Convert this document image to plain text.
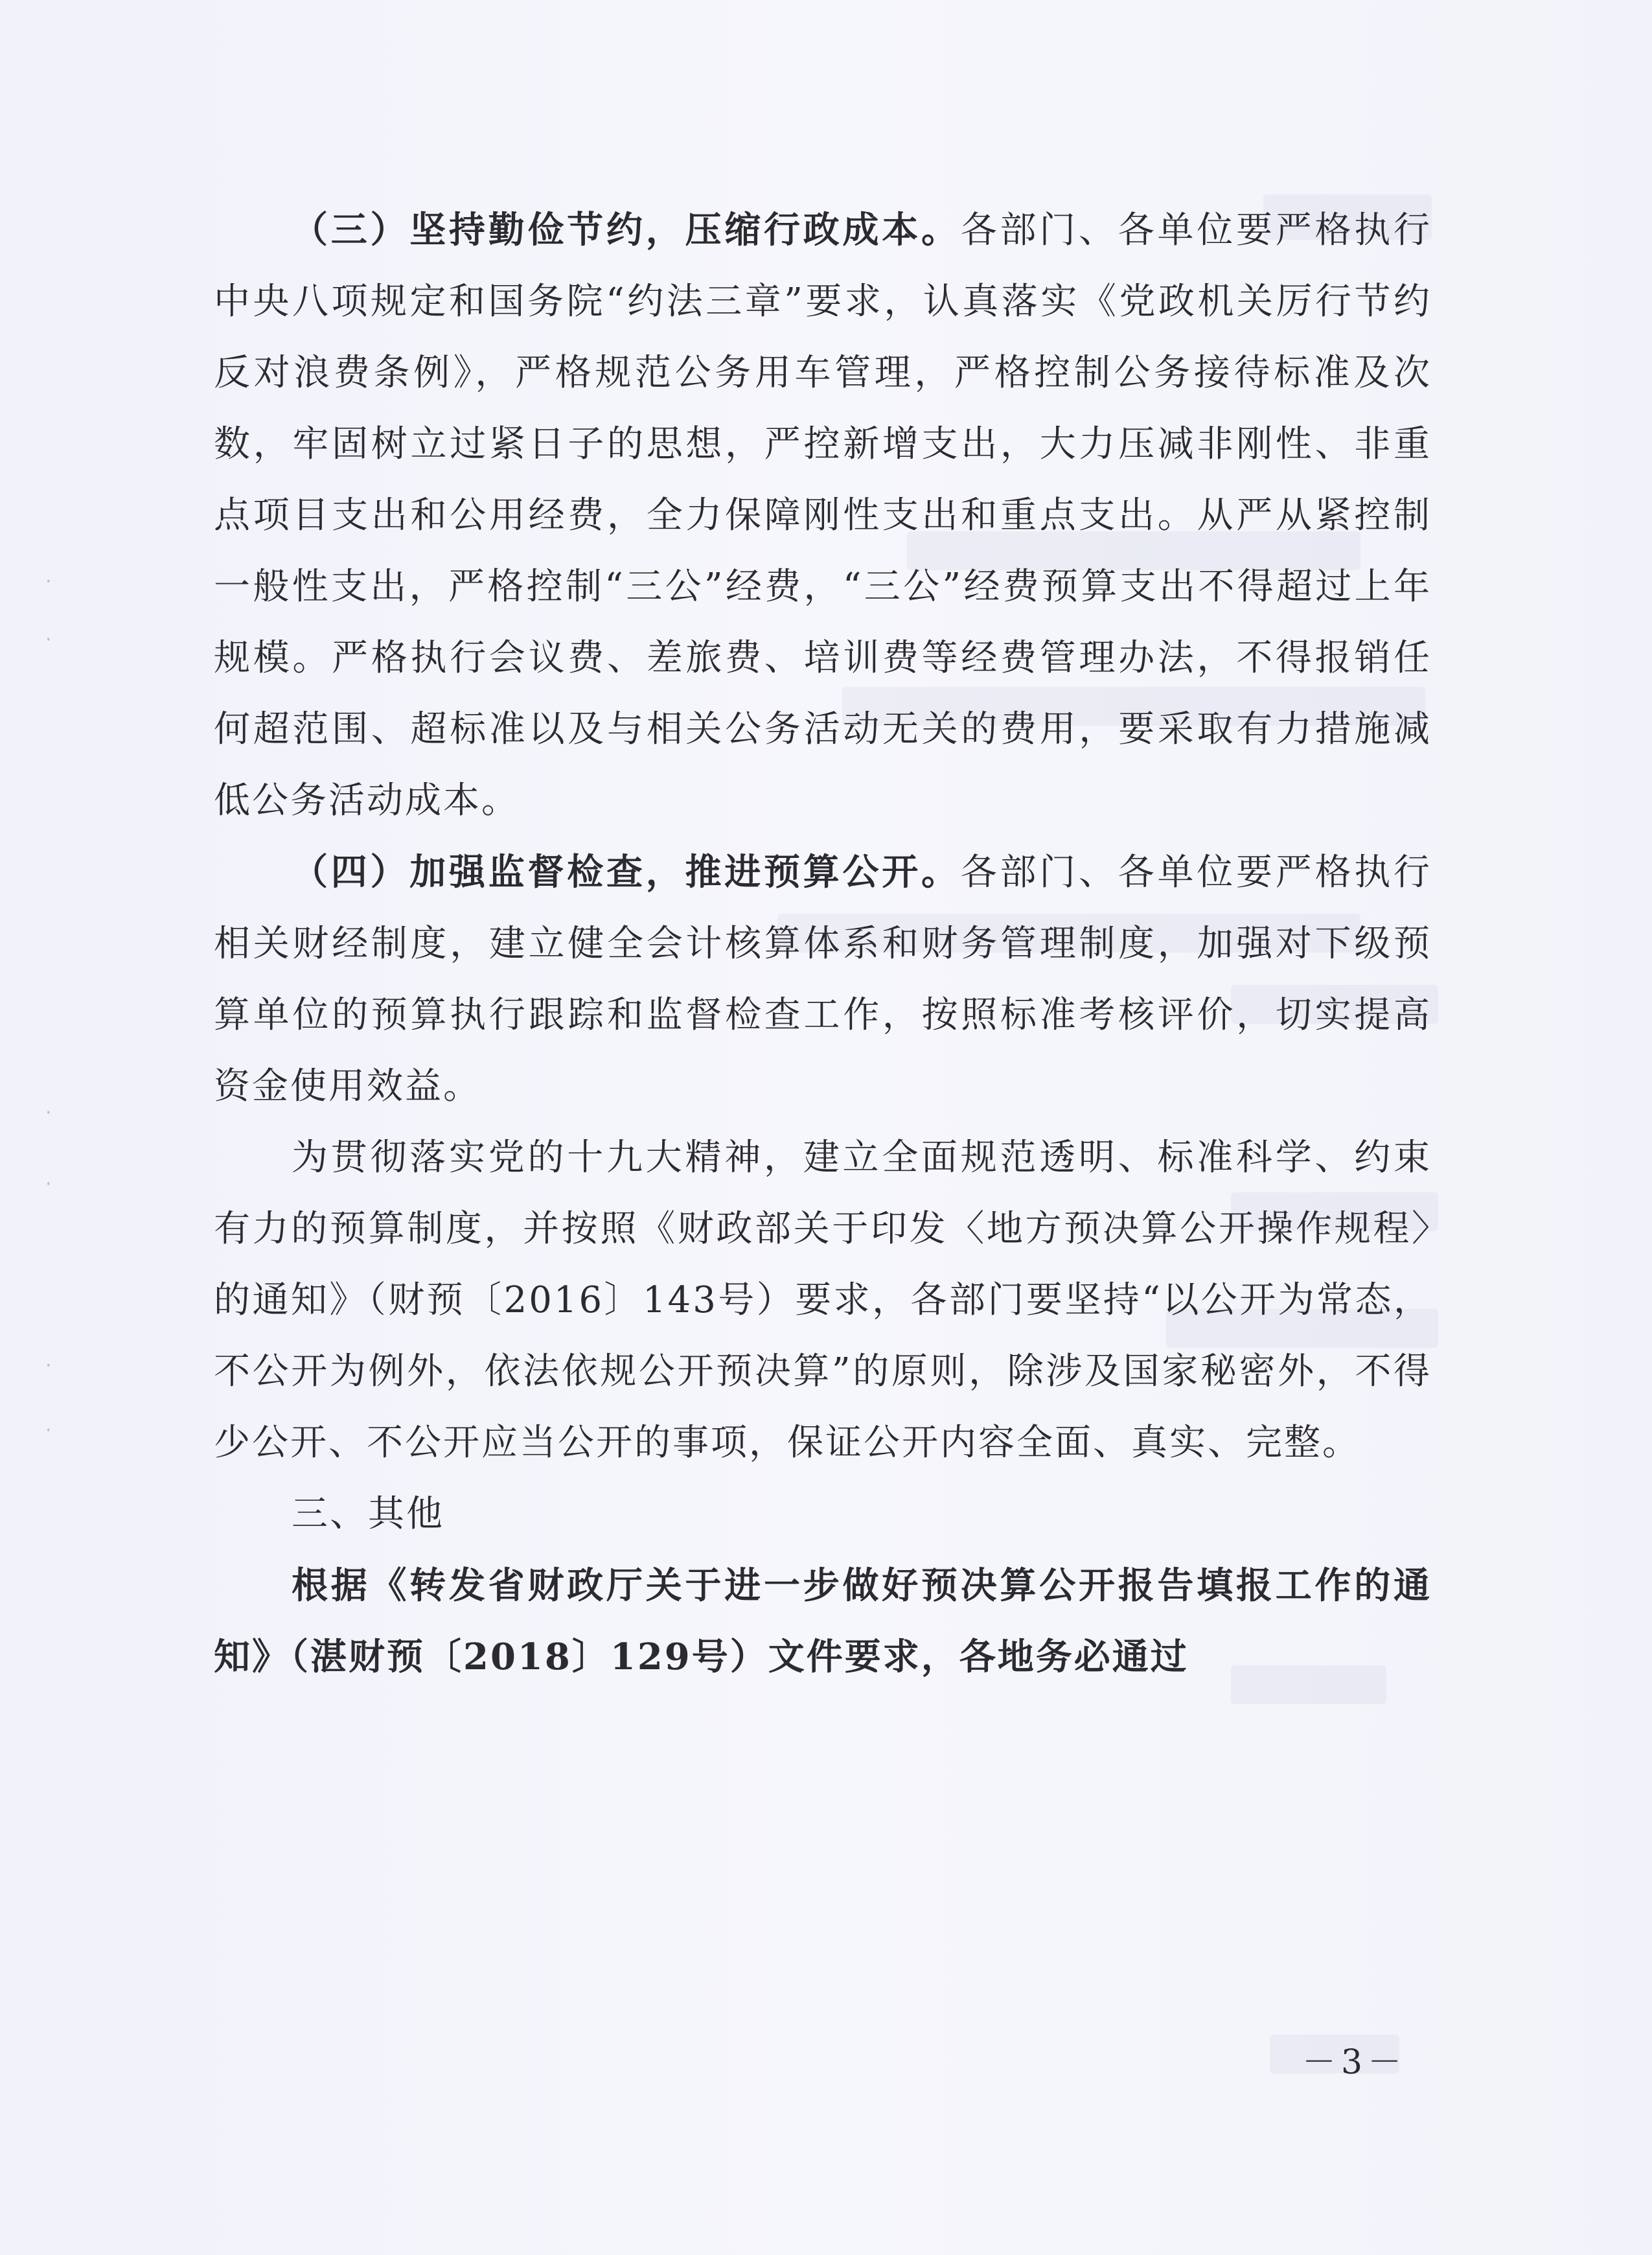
·
·
·
·
·
·

（三）坚持勤俭节约，压缩行政成本。各部门、各单位要严格执行中央八项规定和国务院“约法三章”要求，认真落实《党政机关厉行节约反对浪费条例》，严格规范公务用车管理，严格控制公务接待标准及次数，牢固树立过紧日子的思想，严控新增支出，大力压减非刚性、非重点项目支出和公用经费，全力保障刚性支出和重点支出。从严从紧控制一般性支出，严格控制“三公”经费，“三公”经费预算支出不得超过上年规模。严格执行会议费、差旅费、培训费等经费管理办法，不得报销任何超范围、超标准以及与相关公务活动无关的费用，要采取有力措施减低公务活动成本。

（四）加强监督检查，推进预算公开。各部门、各单位要严格执行相关财经制度，建立健全会计核算体系和财务管理制度，加强对下级预算单位的预算执行跟踪和监督检查工作，按照标准考核评价，切实提高资金使用效益。

为贯彻落实党的十九大精神，建立全面规范透明、标准科学、约束有力的预算制度，并按照《财政部关于印发〈地方预决算公开操作规程〉的通知》（财预〔2016〕143号）要求，各部门要坚持“以公开为常态，不公开为例外，依法依规公开预决算”的原则，除涉及国家秘密外，不得少公开、不公开应当公开的事项，保证公开内容全面、真实、完整。

三、其他

根据《转发省财政厅关于进一步做好预决算公开报告填报工作的通知》（湛财预〔2018〕129号）文件要求，各地务必通过

－3－
